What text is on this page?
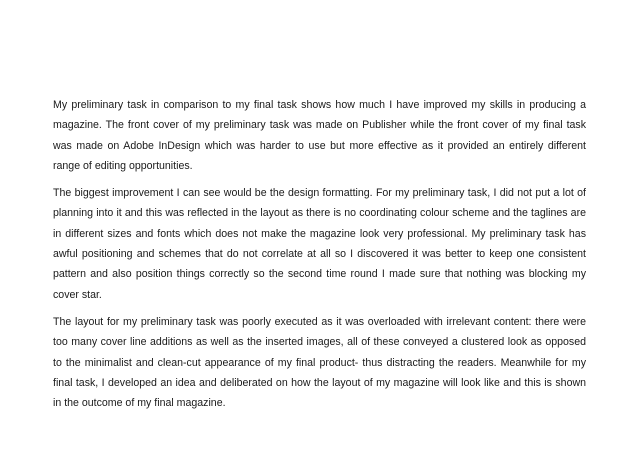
My preliminary task in comparison to my final task shows how much I have improved my skills in producing a magazine. The front cover of my preliminary task was made on Publisher while the front cover of my final task was made on Adobe InDesign which was harder to use but more effective as it provided an entirely different range of editing opportunities.

The biggest improvement I can see would be the design formatting. For my preliminary task, I did not put a lot of planning into it and this was reflected in the layout as there is no coordinating colour scheme and the taglines are in different sizes and fonts which does not make the magazine look very professional. My preliminary task has awful positioning and schemes that do not correlate at all so I discovered it was better to keep one consistent pattern and also position things correctly so the second time round I made sure that nothing was blocking my cover star.

The layout for my preliminary task was poorly executed as it was overloaded with irrelevant content: there were too many cover line additions as well as the inserted images, all of these conveyed a clustered look as opposed to the minimalist and clean-cut appearance of my final product- thus distracting the readers. Meanwhile for my final task, I developed an idea and deliberated on how the layout of my magazine will look like and this is shown in the outcome of my final magazine.
